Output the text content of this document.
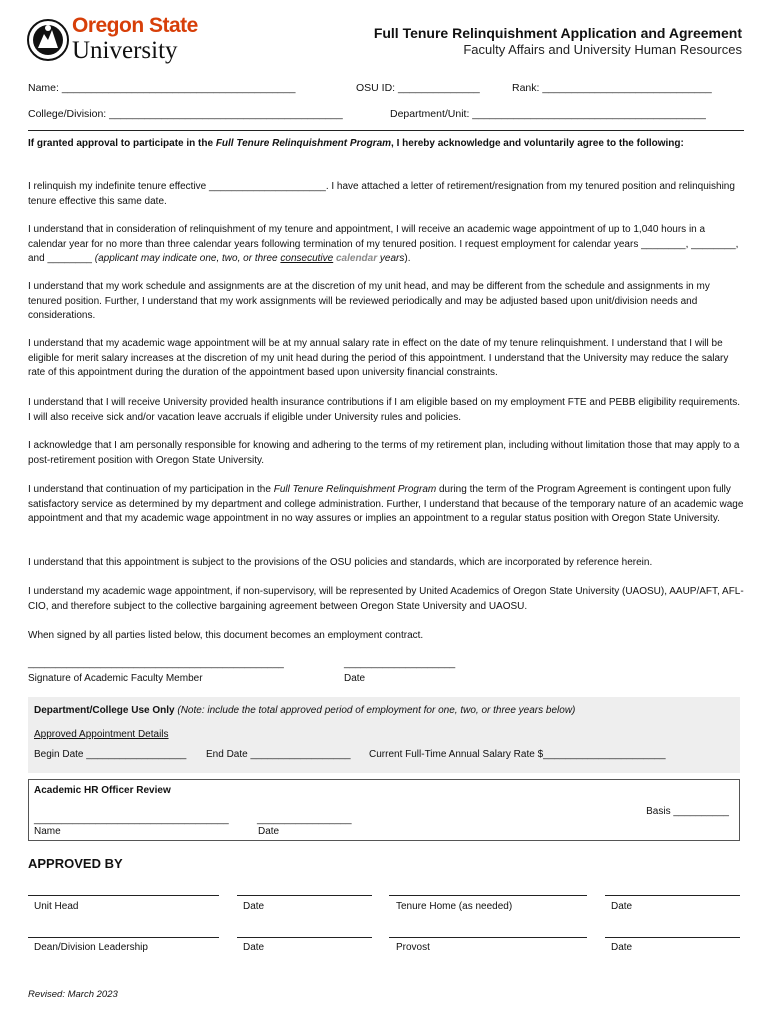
Oregon State
University
Full Tenure Relinquishment Application and Agreement
Faculty Affairs and University Human Resources
Name: ________________________________________	OSU ID: ______________	Rank: _____________________________
College/Division: ________________________________________	Department/Unit: ________________________________________

If granted approval to participate in the Full Tenure Relinquishment Program, I hereby acknowledge and voluntarily agree to the following:

I relinquish my indefinite tenure effective _____________________. I have attached a letter of retirement/resignation from my tenured position and relinquishing tenure effective this same date.

I understand that in consideration of relinquishment of my tenure and appointment, I will receive an academic wage appointment of up to 1,040 hours in a calendar year for no more than three calendar years following termination of my tenured position. I request employment for calendar years ________, ________, and ________ (applicant may indicate one, two, or three consecutive calendar years).

I understand that my work schedule and assignments are at the discretion of my unit head, and may be different from the schedule and assignments in my tenured position. Further, I understand that my work assignments will be reviewed periodically and may be adjusted based upon unit/division needs and considerations.

I understand that my academic wage appointment will be at my annual salary rate in effect on the date of my tenure relinquishment. I understand that I will be eligible for merit salary increases at the discretion of my unit head during the period of this appointment. I understand that the University may reduce the salary rate of this appointment during the duration of the appointment based upon university financial constraints.

I understand that I will receive University provided health insurance contributions if I am eligible based on my employment FTE and PEBB eligibility requirements. I will also receive sick and/or vacation leave accruals if eligible under University rules and policies.

I acknowledge that I am personally responsible for knowing and adhering to the terms of my retirement plan, including without limitation those that may apply to a post-retirement position with Oregon State University.

I understand that continuation of my participation in the Full Tenure Relinquishment Program during the term of the Program Agreement is contingent upon fully satisfactory service as determined by my department and college administration. Further, I understand that because of the temporary nature of an academic wage appointment and that my academic wage appointment in no way assures or implies an appointment to a regular status position with Oregon State University.

I understand that this appointment is subject to the provisions of the OSU policies and standards, which are incorporated by reference herein.

I understand my academic wage appointment, if non-supervisory, will be represented by United Academics of Oregon State University (UAOSU), AAUP/AFT, AFL-CIO, and therefore subject to the collective bargaining agreement between Oregon State University and UAOSU.

When signed by all parties listed below, this document becomes an employment contract.

______________________________________________	____________________
Signature of Academic Faculty Member	Date
Department/College Use Only (Note: include the total approved period of employment for one, two, or three years below)
Approved Appointment Details
Begin Date __________________ End Date __________________ Current Full-Time Annual Salary Rate $______________________
Academic HR Officer Review
Basis __________
___________________________________	_________________
Name	Date
APPROVED BY
Unit Head	Date	Tenure Home (as needed)	Date
Dean/Division Leadership	Date	Provost	Date
Revised: March 2023
